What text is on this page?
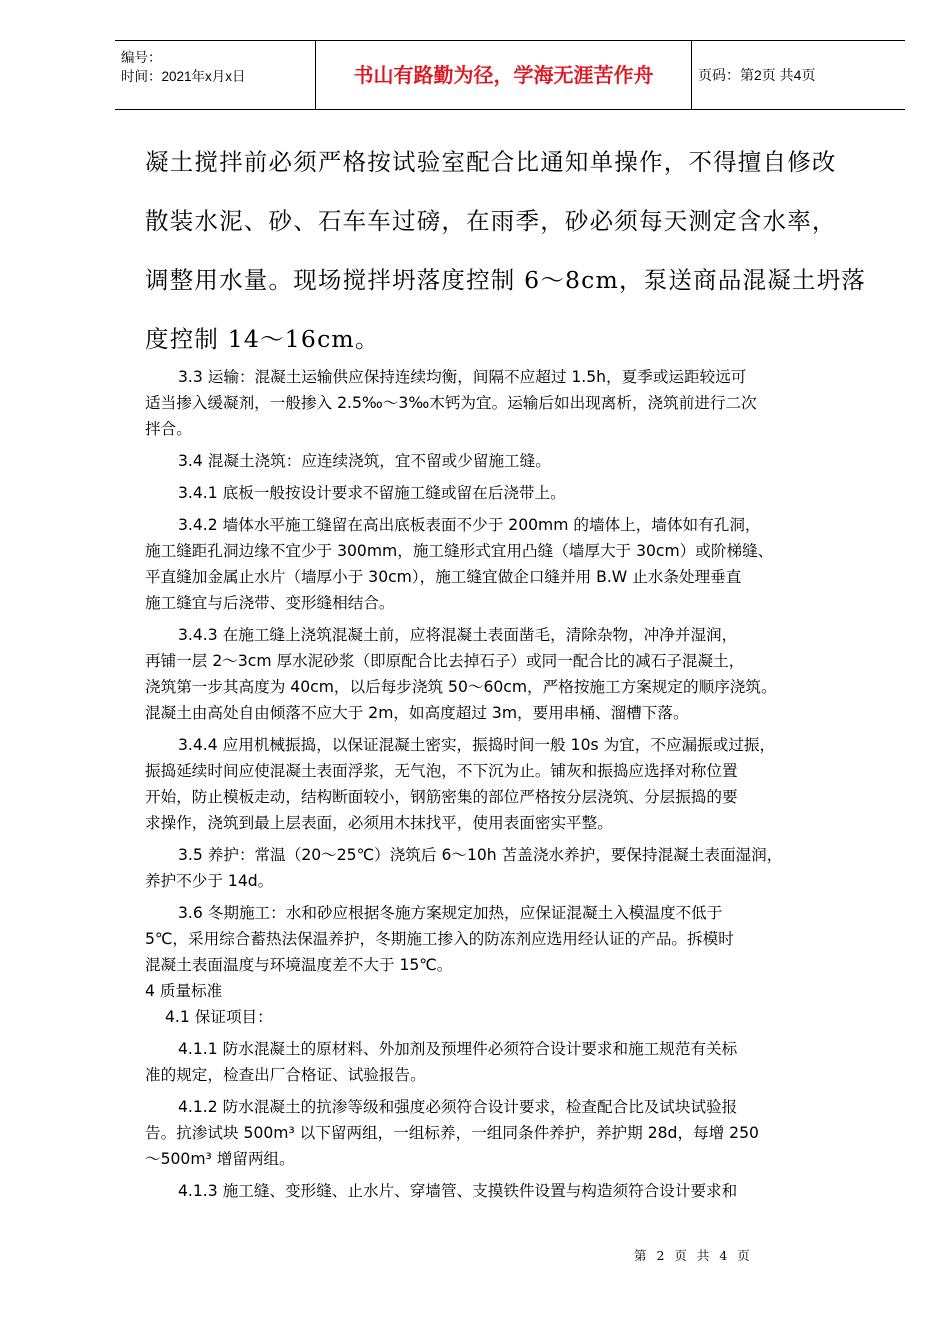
编号：
时间：2021年x月x日	书山有路勤为径，学海无涯苦作舟	页码：第2页 共4页
凝土搅拌前必须严格按试验室配合比通知单操作，不得擅自修改
散装水泥、砂、石车车过磅，在雨季，砂必须每天测定含水率，
调整用水量。现场搅拌坍落度控制 6～8cm，泵送商品混凝土坍落
度控制 14～16cm。
3.3 运输：混凝土运输供应保持连续均衡，间隔不应超过 1.5h，夏季或运距较远可
适当掺入缓凝剂，一般掺入 2.5‰～3‰木钙为宜。运输后如出现离析，浇筑前进行二次
拌合。
3.4 混凝土浇筑：应连续浇筑，宜不留或少留施工缝。
3.4.1 底板一般按设计要求不留施工缝或留在后浇带上。
3.4.2 墙体水平施工缝留在高出底板表面不少于 200mm 的墙体上，墙体如有孔洞，
施工缝距孔洞边缘不宜少于 300mm，施工缝形式宜用凸缝（墙厚大于 30cm）或阶梯缝、
平直缝加金属止水片（墙厚小于 30cm），施工缝宜做企口缝并用 B.W 止水条处理垂直
施工缝宜与后浇带、变形缝相结合。
3.4.3 在施工缝上浇筑混凝土前，应将混凝土表面凿毛，清除杂物，冲净并湿润，
再铺一层 2～3cm 厚水泥砂浆（即原配合比去掉石子）或同一配合比的减石子混凝土，
浇筑第一步其高度为 40cm，以后每步浇筑 50～60cm，严格按施工方案规定的顺序浇筑。
混凝土由高处自由倾落不应大于 2m，如高度超过 3m，要用串桶、溜槽下落。
3.4.4 应用机械振捣，以保证混凝土密实，振捣时间一般 10s 为宜，不应漏振或过振，
振捣延续时间应使混凝土表面浮浆，无气泡，不下沉为止。铺灰和振捣应选择对称位置
开始，防止模板走动，结构断面较小，钢筋密集的部位严格按分层浇筑、分层振捣的要
求操作，浇筑到最上层表面，必须用木抹找平，使用表面密实平整。
3.5 养护：常温（20～25℃）浇筑后 6～10h 苫盖浇水养护，要保持混凝土表面湿润，
养护不少于 14d。
3.6 冬期施工：水和砂应根据冬施方案规定加热，应保证混凝土入模温度不低于
5℃，采用综合蓄热法保温养护，冬期施工掺入的防冻剂应选用经认证的产品。拆模时
混凝土表面温度与环境温度差不大于 15℃。
4 质量标准
4.1 保证项目：
4.1.1 防水混凝土的原材料、外加剂及预埋件必须符合设计要求和施工规范有关标
准的规定，检查出厂合格证、试验报告。
4.1.2 防水混凝土的抗渗等级和强度必须符合设计要求，检查配合比及试块试验报
告。抗渗试块 500m³ 以下留两组，一组标养，一组同条件养护，养护期 28d，每增 250
～500m³ 增留两组。
4.1.3 施工缝、变形缝、止水片、穿墙管、支摸铁件设置与构造须符合设计要求和
第 2 页 共 4 页
